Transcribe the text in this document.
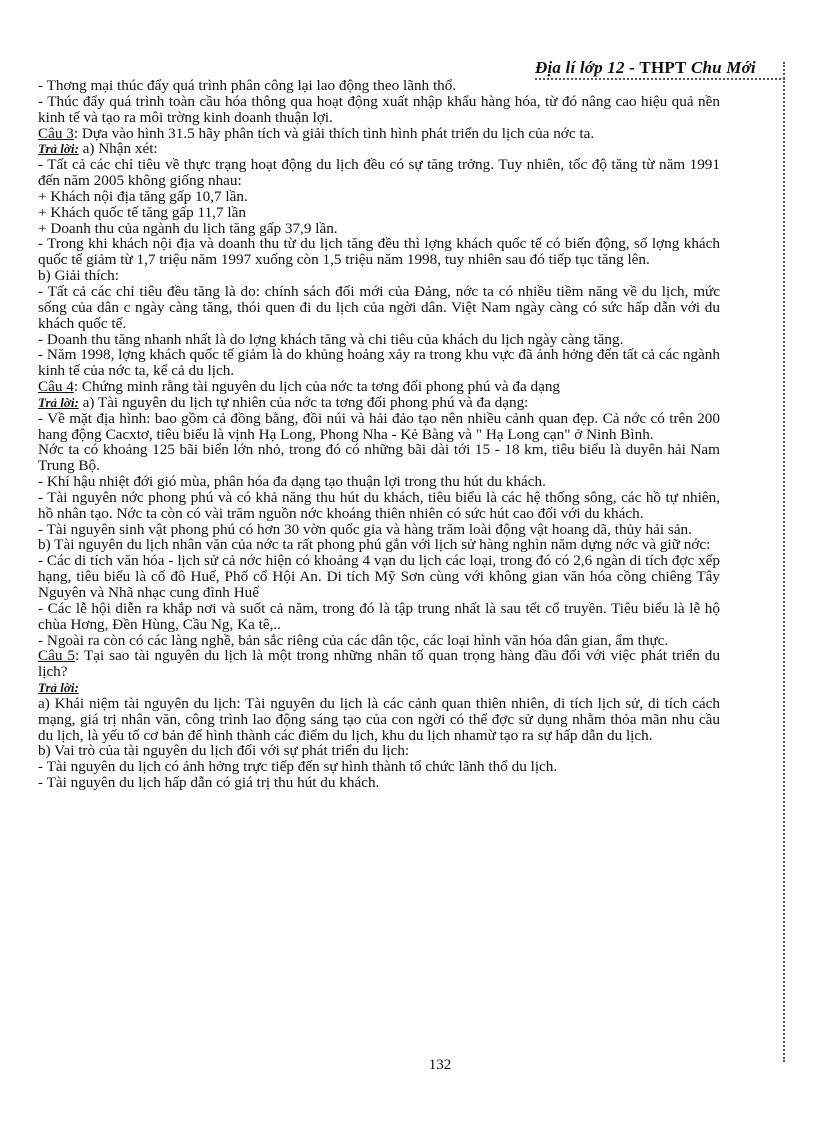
Địa lí lớp 12 - THPT Chu Mới

- Thơng mại thúc đẩy quá trình phân công lại lao động theo lãnh thổ.

- Thúc đẩy quá trình toàn cầu hóa thông qua hoạt động xuất nhập khẩu hàng hóa, từ đó nâng cao hiệu quả nền kinh tế và tạo ra môi trờng kinh doanh thuận lợi.

Câu 3: Dựa vào hình 31.5 hãy phân tích và giải thích tình hình phát triển du lịch của nớc ta.

Trả lời: a) Nhận xét:

- Tất cả các chỉ tiêu về thực trạng hoạt động du lịch đều có sự tăng trởng. Tuy nhiên, tốc độ tăng từ năm 1991 đến năm 2005 không giống nhau:

+ Khách nội địa tăng gấp 10,7 lần.

+ Khách quốc tế tăng gấp 11,7 lần

+ Doanh thu của ngành du lịch tăng gấp 37,9 lần.

- Trong khi khách nội địa và doanh thu từ du lịch tăng đều thì lợng khách quốc tế có biến động, số lợng khách quốc tế giảm từ 1,7 triệu năm 1997 xuống còn 1,5 triệu năm 1998, tuy nhiên sau đó tiếp tục tăng lên.

b) Giải thích:

- Tất cả các chỉ tiêu đều tăng là do: chính sách đổi mới của Đảng, nớc ta có nhiều tiềm năng về du lịch, mức sống của dân c ngày càng tăng, thói quen đi du lịch của ngời dân. Việt Nam ngày càng có sức hấp dẫn với du khách quốc tế.

- Doanh thu tăng nhanh nhất là do lợng khách tăng và chi tiêu của khách du lịch ngày càng tăng.

- Năm 1998, lợng khách quốc tế giảm là do khủng hoảng xảy ra trong khu vực đã ảnh hởng đến tất cả các ngành kinh tế của nớc ta, kể cả du lịch.

Câu 4: Chứng minh rằng tài nguyên du lịch của nớc ta tơng đối phong phú và đa dạng

Trả lời: a) Tài nguyên du lịch tự nhiên của nớc ta tơng đối phong phú và đa dạng:

- Về mặt địa hình: bao gồm cả đồng bằng, đồi núi và hải đảo tạo nên nhiều cảnh quan đẹp. Cả nớc có trên 200 hang động Cacxtơ, tiêu biểu là vịnh Hạ Long, Phong Nha - Kẻ Bàng và " Hạ Long cạn" ở Ninh Bình.

Nớc ta có khoảng 125 bãi biển lớn nhỏ, trong đó có những bãi dài tới 15 - 18 km, tiêu biểu là duyên hải Nam Trung Bộ.

- Khí hậu nhiệt đới gió mùa, phân hóa đa dạng tạo thuận lợi trong thu hút du khách.

- Tài nguyên nớc phong phú và có khả năng thu hút du khách, tiêu biểu là các hệ thống sông, các hồ tự nhiên, hồ nhân tạo. Nớc ta còn có vài trăm nguồn nớc khoáng thiên nhiên có sức hút cao đối với du khách.

- Tài nguyên sinh vật phong phú có hơn 30 vờn quốc gia và hàng trăm loài động vật hoang dã, thủy hải sản.

b) Tài nguyên du lịch nhân văn của nớc ta rất phong phú gắn với lịch sử hàng nghìn năm dựng nớc và giữ nớc:

- Các di tích văn hóa - lịch sử cả nớc hiện có khoảng 4 vạn du lịch các loại, trong đó có 2,6 ngàn di tích đợc xếp hạng, tiêu biểu là cố đô Huế, Phố cổ Hội An. Di tích Mỹ Sơn cùng với không gian văn hóa cồng chiêng Tây Nguyên và Nhã nhạc cung đình Huế

- Các lễ hội diễn ra khắp nơi và suốt cả năm, trong đó là tập trung nhất là sau tết cổ truyền. Tiêu biểu là lễ hộ chùa Hơng, Đền Hùng, Cầu Ng, Ka tê,..

- Ngoài ra còn có các làng nghề, bản sắc riêng của các dân tộc, các loại hình văn hóa dân gian, ẩm thực.

Câu 5: Tại sao tài nguyên du lịch là một trong những nhân tố quan trọng hàng đầu đối với việc phát triển du lịch?

Trả lời:

a) Khái niệm tài nguyên du lịch: Tài nguyên du lịch là các cảnh quan thiên nhiên, di tích lịch sử, di tích cách mạng, giá trị nhân văn, công trình lao động sáng tạo của con ngời có thể đợc sử dụng nhằm thỏa mãn nhu cầu du lịch, là yếu tố cơ bản để hình thành các điểm du lịch, khu du lịch nhamừ tạo ra sự hấp dẫn du lịch.

b) Vai trò của tài nguyên du lịch đối với sự phát triển du lịch:

- Tài nguyên du lịch có ảnh hởng trực tiếp đến sự hình thành tổ chức lãnh thổ du lịch.

- Tài nguyên du lịch hấp dẫn có giá trị thu hút du khách.

132
